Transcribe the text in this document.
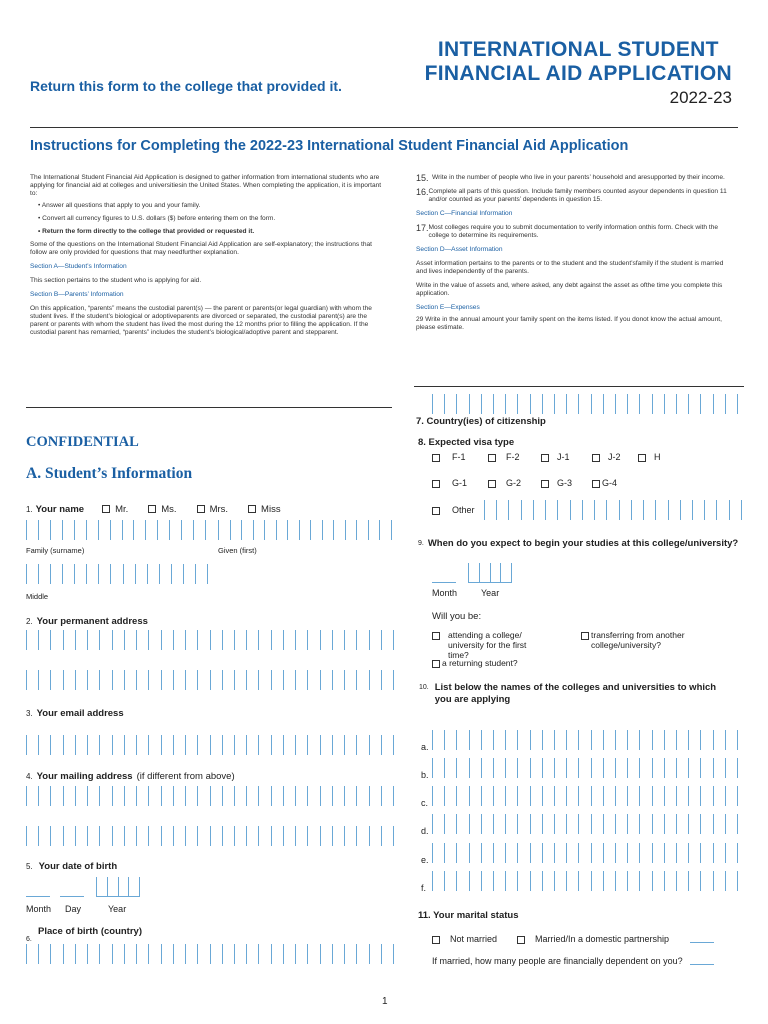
INTERNATIONAL STUDENT
FINANCIAL AID APPLICATION
2022-23
Return this form to the college that provided it.
Instructions for Completing the 2022-23 International Student Financial Aid Application
The International Student Financial Aid Application is designed to gather information from international students who are applying for financial aid at colleges and universitiesin the United States. When completing the application, it is important to:
• Answer all questions that apply to you and your family.
• Convert all currency figures to U.S. dollars ($) before entering them on the form.
• Return the form directly to the college that provided or requested it.
Some of the questions on the International Student Financial Aid Application are self-explanatory; the instructions that follow are only provided for questions that may needfurther explanation.
Section A—Student’s Information
This section pertains to the student who is applying for aid.
Section B—Parents’ Information
On this application, “parents” means the custodial parent(s) — the parent or parents(or legal guardian) with whom the student lives. If the student’s biological or adoptiveparents are divorced or separated, the custodial parent(s) are the parent or parents with whom the student has lived the most during the 12 months prior to filling the application. If the custodial parent has remarried, “parents” includes the student’s biological/adoptive parent and stepparent.
15. Write in the number of people who live in your parents’ household and aresupported by their income.
16. Complete all parts of this question. Include family members counted asyour dependents in question 11 and/or counted as your parents’ dependents in question 15.
Section C—Financial Information
17. Most colleges require you to submit documentation to verify information onthis form. Check with the college to determine its requirements.
Section D—Asset Information
Asset information pertains to the parents or to the student and the student’sfamily if the student is married and lives independently of the parents.
Write in the value of assets and, where asked, any debt against the asset as ofthe time you complete this application.
Section E—Expenses
29 Write in the annual amount your family spent on the items listed. If you donot know the actual amount, please estimate.
CONFIDENTIAL
A. Student’s Information
1. Your name	Mr.	Ms.	Mrs.	Miss
Family (surname)	Given (first)
Middle
2. Your permanent address
3. Your email address
4. Your mailing address (if different from above)
5. Your date of birth
Month Day	Year
Place of birth (country)
6.
7. Country(ies) of citizenship
8. Expected visa type
F-1	F-2	J-1	J-2	H
G-1	G-2	G-3	G-4
Other
9. When do you expect to begin your studies at this college/university?
Month	Year
Will you be:
attending a college/ university for the first time?
transferring from another college/university?
a returning student?
10. List below the names of the colleges and universities to which you are applying
a.
b.
c.
d.
e.
f.
11. Your marital status
Not married	Married/In a domestic partnership
If married, how many people are financially dependent on you?
1
